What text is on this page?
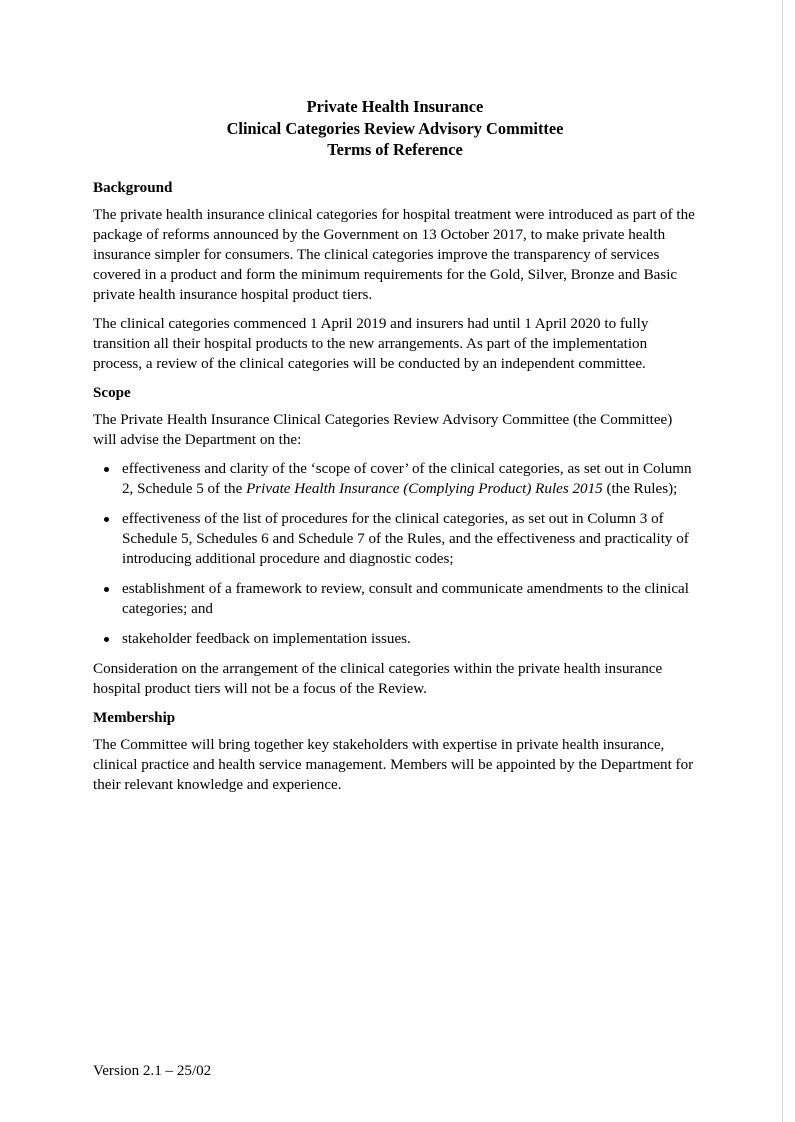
Private Health Insurance
Clinical Categories Review Advisory Committee
Terms of Reference
Background

The private health insurance clinical categories for hospital treatment were introduced as part of the package of reforms announced by the Government on 13 October 2017, to make private health insurance simpler for consumers. The clinical categories improve the transparency of services covered in a product and form the minimum requirements for the Gold, Silver, Bronze and Basic private health insurance hospital product tiers.

The clinical categories commenced 1 April 2019 and insurers had until 1 April 2020 to fully transition all their hospital products to the new arrangements. As part of the implementation process, a review of the clinical categories will be conducted by an independent committee.

Scope

The Private Health Insurance Clinical Categories Review Advisory Committee (the Committee) will advise the Department on the:

effectiveness and clarity of the ‘scope of cover’ of the clinical categories, as set out in Column 2, Schedule 5 of the Private Health Insurance (Complying Product) Rules 2015 (the Rules);
effectiveness of the list of procedures for the clinical categories, as set out in Column 3 of Schedule 5, Schedules 6 and Schedule 7 of the Rules, and the effectiveness and practicality of introducing additional procedure and diagnostic codes;
establishment of a framework to review, consult and communicate amendments to the clinical categories; and
stakeholder feedback on implementation issues.

Consideration on the arrangement of the clinical categories within the private health insurance hospital product tiers will not be a focus of the Review.

Membership

The Committee will bring together key stakeholders with expertise in private health insurance, clinical practice and health service management. Members will be appointed by the Department for their relevant knowledge and experience.

Version 2.1 – 25/02
